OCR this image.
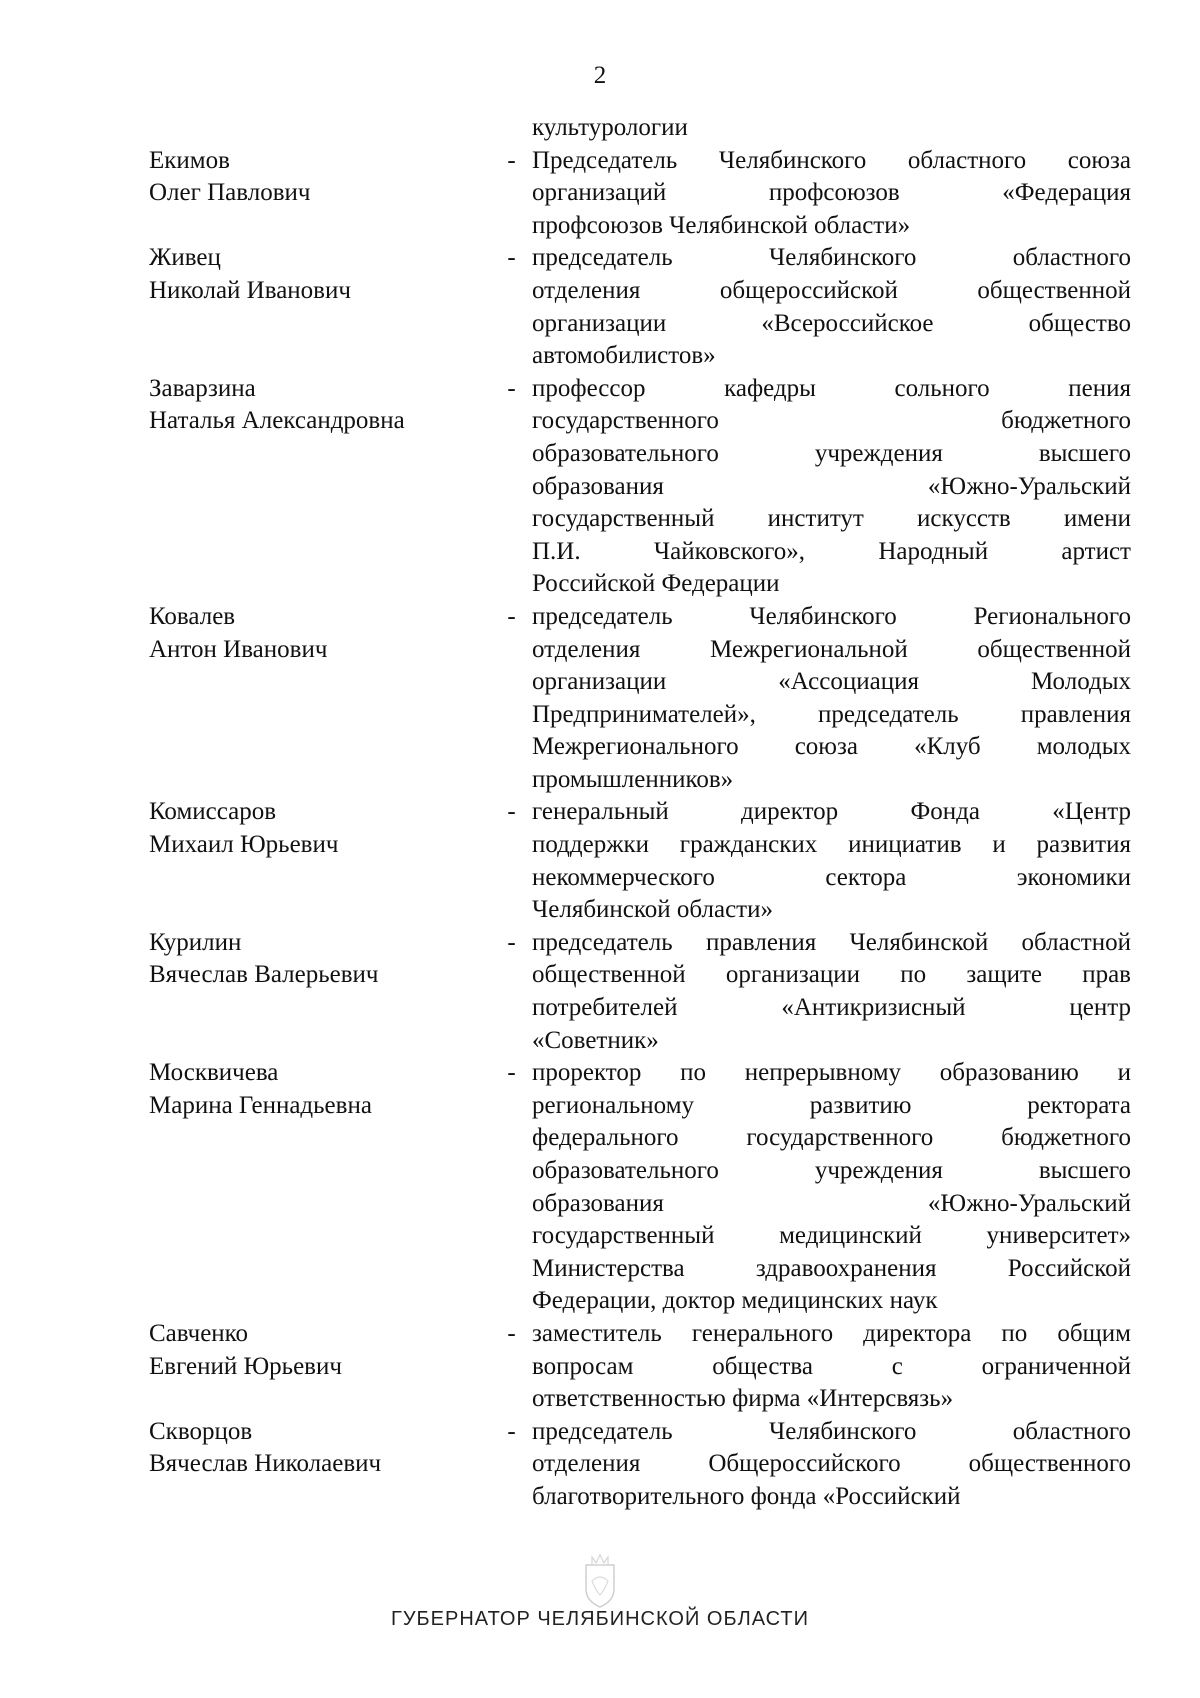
2
культурологии
Екимов
Олег Павлович
- Председатель Челябинского областного союза
организаций профсоюзов «Федерация
профсоюзов Челябинской области»
Живец
Николай Иванович
- председатель Челябинского областного
отделения общероссийской общественной
организации «Всероссийское общество
автомобилистов»
Заварзина
Наталья Александровна
- профессор кафедры сольного пения
государственного бюджетного
образовательного учреждения высшего
образования «Южно-Уральский
государственный институт искусств имени
П.И. Чайковского», Народный артист
Российской Федерации
Ковалев
Антон Иванович
- председатель Челябинского Регионального
отделения Межрегиональной общественной
организации «Ассоциация Молодых
Предпринимателей», председатель правления
Межрегионального союза «Клуб молодых
промышленников»
Комиссаров
Михаил Юрьевич
- генеральный директор Фонда «Центр
поддержки гражданских инициатив и развития
некоммерческого сектора экономики
Челябинской области»
Курилин
Вячеслав Валерьевич
- председатель правления Челябинской областной
общественной организации по защите прав
потребителей «Антикризисный центр
«Советник»
Москвичева
Марина Геннадьевна
- проректор по непрерывному образованию и
региональному развитию ректората
федерального государственного бюджетного
образовательного учреждения высшего
образования «Южно-Уральский
государственный медицинский университет»
Министерства здравоохранения Российской
Федерации, доктор медицинских наук
Савченко
Евгений Юрьевич
- заместитель генерального директора по общим
вопросам общества с ограниченной
ответственностью фирма «Интерсвязь»
Скворцов
Вячеслав Николаевич
- председатель Челябинского областного
отделения Общероссийского общественного
благотворительного фонда «Российский
ГУБЕРНАТОР ЧЕЛЯБИНСКОЙ ОБЛАСТИ
